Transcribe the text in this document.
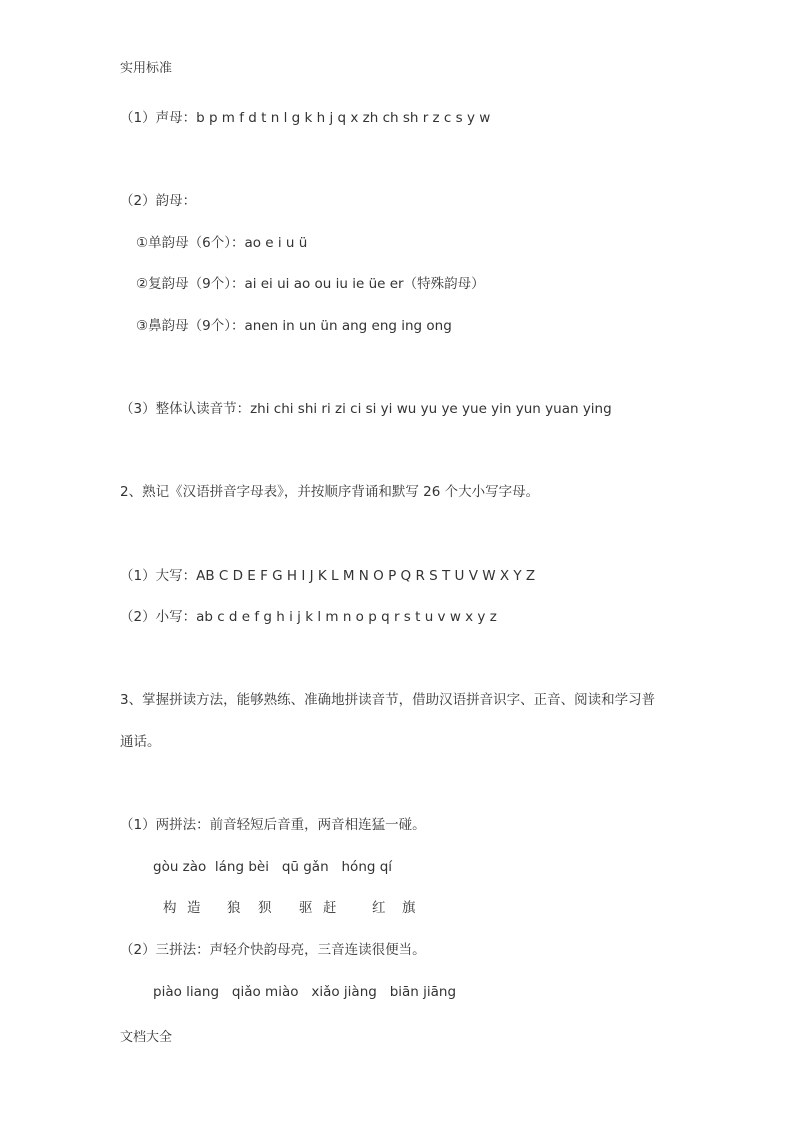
实用标准
（1）声母：b p m f d t n l g k h j q x zh ch sh r z c s y w
（2）韵母：
①单韵母（6个）：ao e i u ü
②复韵母（9个）：ai ei ui ao ou iu ie üe er（特殊韵母）
③鼻韵母（9个）：anen in un ün ang eng ing ong
（3）整体认读音节：zhi chi shi ri zi ci si yi wu yu ye yue yin yun yuan ying
2、熟记《汉语拼音字母表》，并按顺序背诵和默写 26 个大小写字母。
（1）大写：AB C D E F G H I J K L M N O P Q R S T U V W X Y Z
（2）小写：ab c d e f g h i j k l m n o p q r s t u v w x y z
3、掌握拼读方法，能够熟练、准确地拼读音节，借助汉语拼音识字、正音、阅读和学习普
通话。
（1）两拼法：前音轻短后音重，两音相连猛一碰。
gòu zào  láng bèi   qū gǎn   hóng qí
构 造 狼 狈 驱 赶	红 旗
（2）三拼法：声轻介快韵母亮，三音连读很便当。
piào liang   qiǎo miào   xiǎo jiàng   biān jiāng
文档大全
